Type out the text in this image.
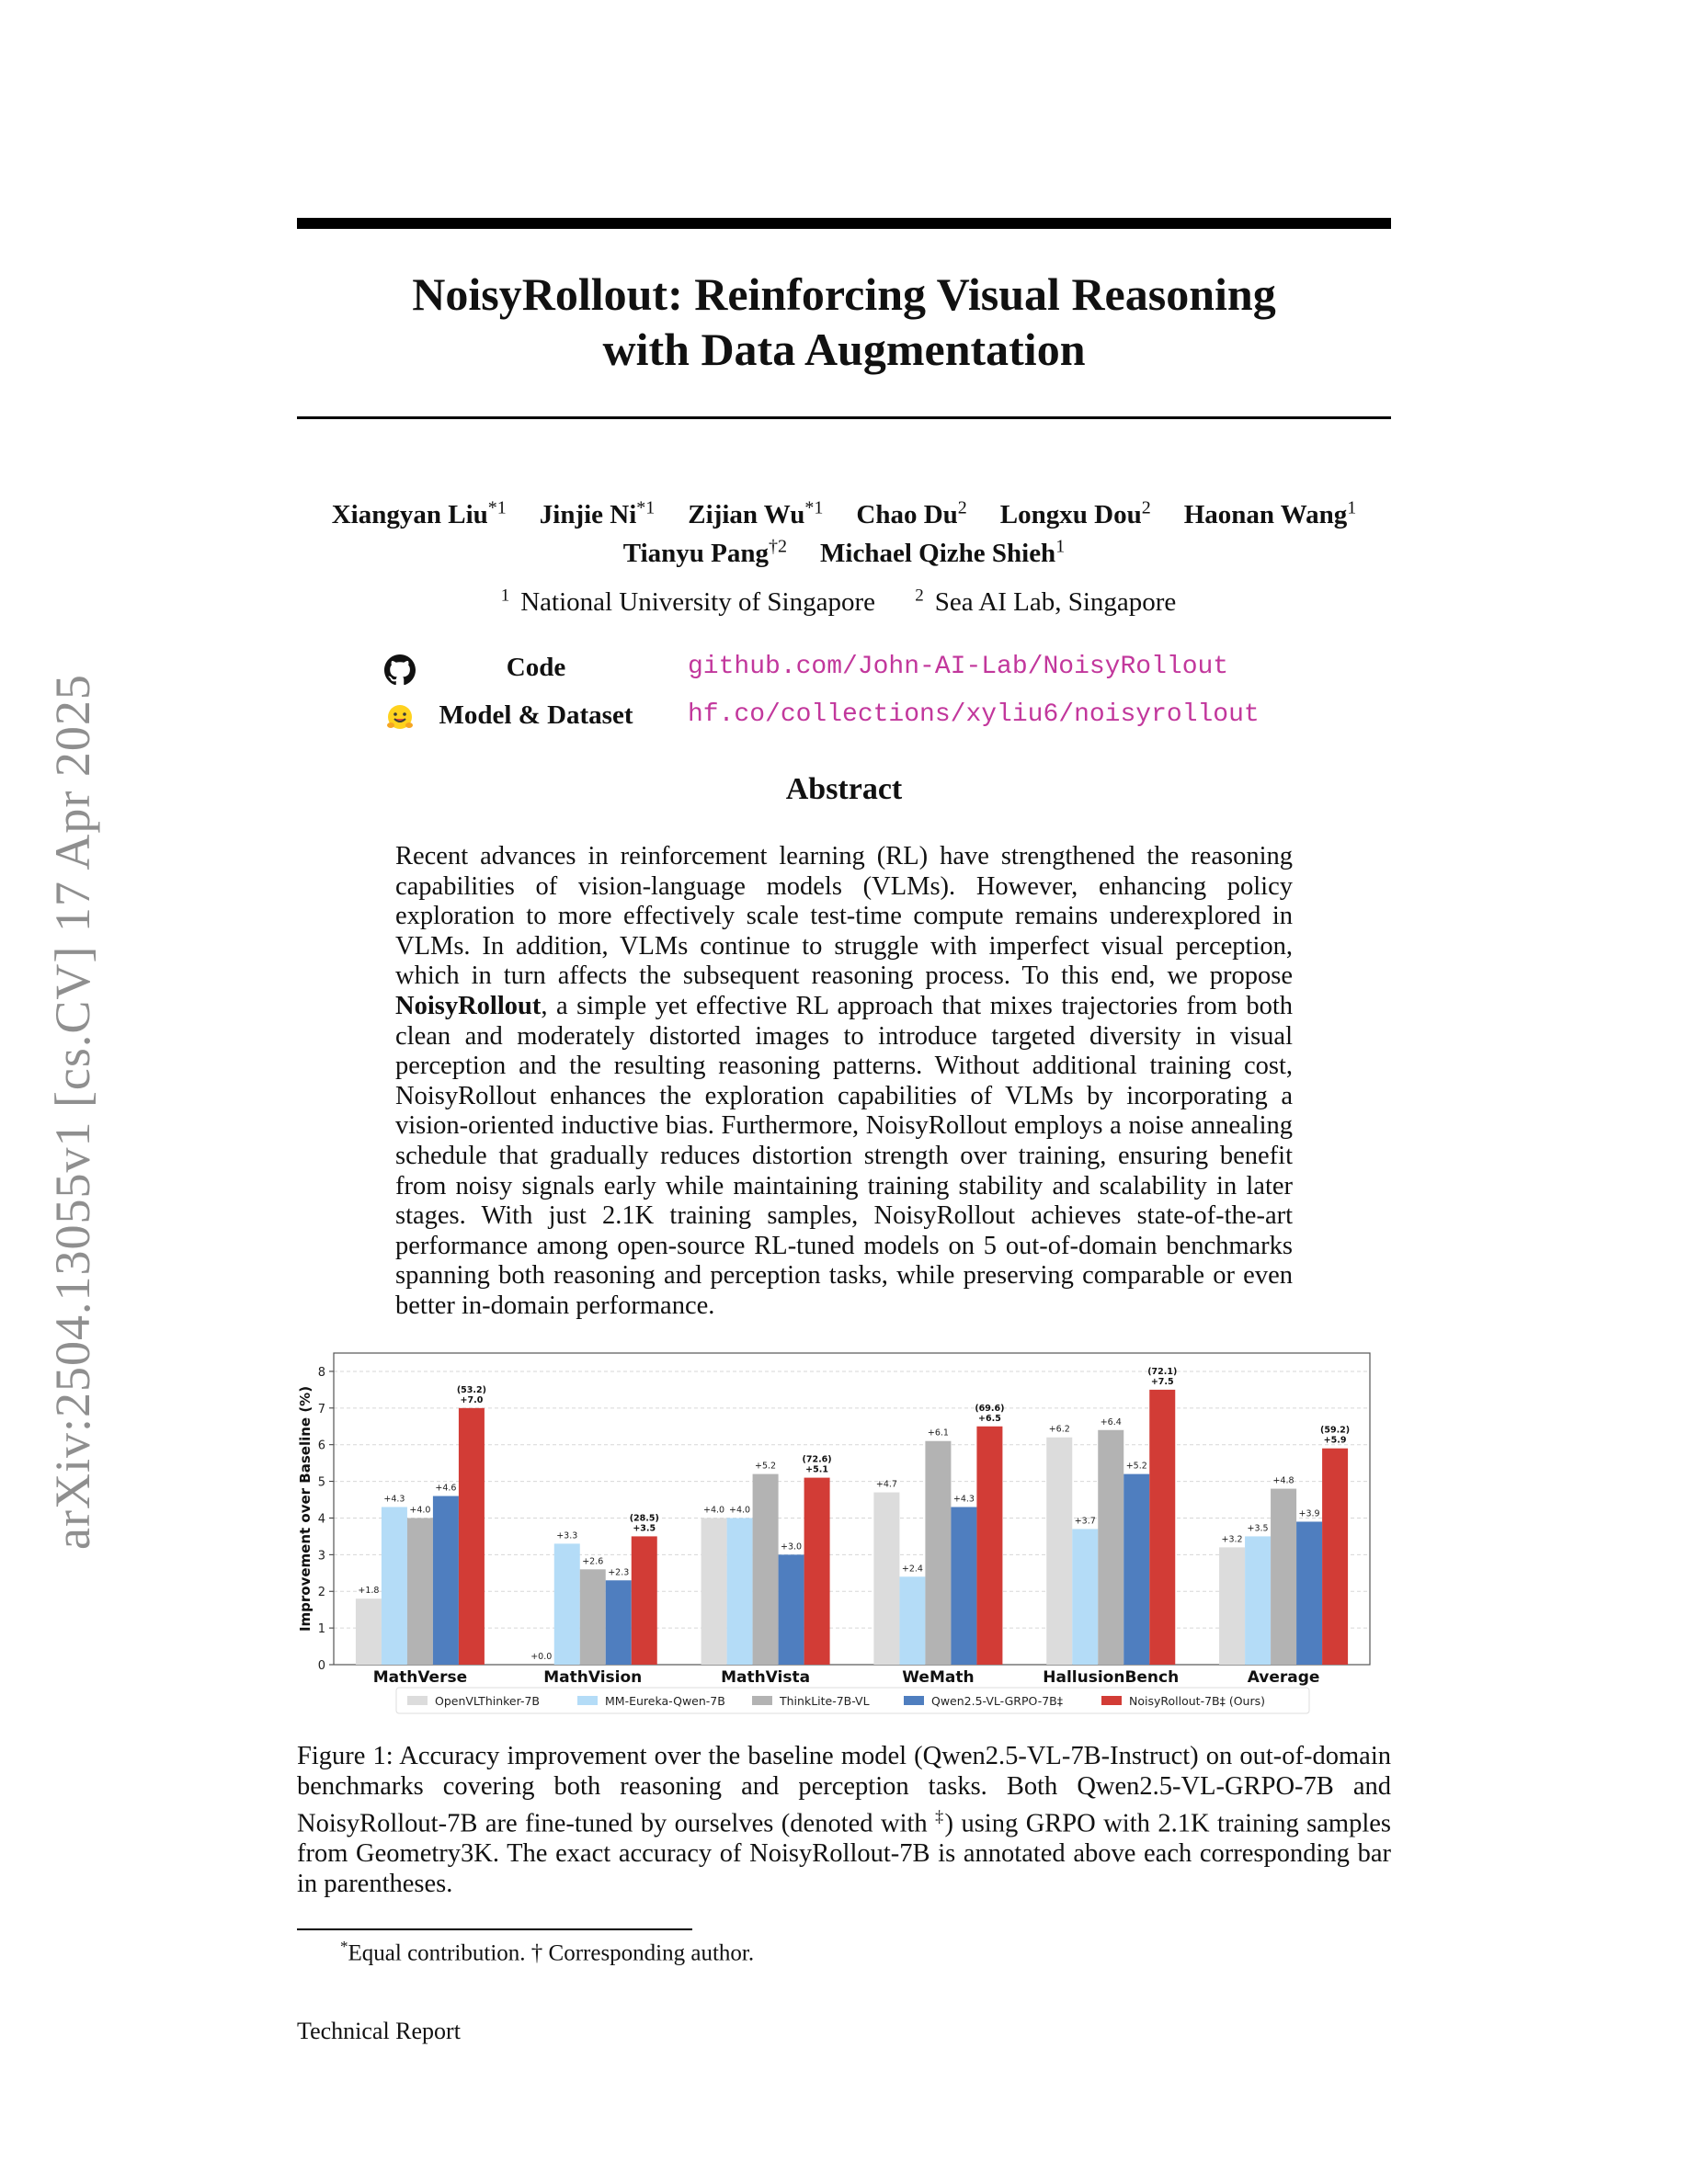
arXiv:2504.13055v1 [cs.CV] 17 Apr 2025
NoisyRollout: Reinforcing Visual Reasoning
with Data Augmentation
Xiangyan Liu$^{*1}$ Jinjie Ni$^{*1}$ Zijian Wu$^{*1}$ Chao Du$^2$ Longxu Dou$^2$ Haonan Wang$^1$
Tianyu Pang$^{\dagger 2}$ Michael Qizhe Shieh$^1$
$^1$ National University of Singapore $^2$ Sea AI Lab, Singapore
Code	github.com/John-AI-Lab/NoisyRollout
Model & Dataset	hf.co/collections/xyliu6/noisyrollout
Abstract
Recent advances in reinforcement learning (RL) have strengthened the reasoning capabilities of vision-language models (VLMs). However, enhancing policy exploration to more effectively scale test-time compute remains underexplored in VLMs. In addition, VLMs continue to struggle with imperfect visual perception, which in turn affects the subsequent reasoning process. To this end, we propose NoisyRollout, a simple yet effective RL approach that mixes trajectories from both clean and moderately distorted images to introduce targeted diversity in visual perception and the resulting reasoning patterns. Without additional training cost, NoisyRollout enhances the exploration capabilities of VLMs by incorporating a vision-oriented inductive bias. Furthermore, NoisyRollout employs a noise annealing schedule that gradually reduces distortion strength over training, ensuring benefit from noisy signals early while maintaining training stability and scalability in later stages. With just 2.1K training samples, NoisyRollout achieves state-of-the-art performance among open-source RL-tuned models on 5 out-of-domain benchmarks spanning both reasoning and perception tasks, while preserving comparable or even better in-domain performance.
0
1
2
3
4
5
6
7
8
Improvement over Baseline (%)	+1.8
+4.3
+4.0
+4.6
+7.0
(53.2)
MathVerse
+0.0
+3.3
+2.6
+2.3
+3.5
(28.5)
MathVision
+4.0 +4.0
+5.2
+3.0
+5.1
(72.6)
MathVista
+4.7
+2.4
+6.1
+4.3
+6.5
(69.6)
WeMath
+6.2
+3.7
+6.4
+5.2
+7.5
(72.1)
HallusionBench
+3.2
+3.5
+4.8
+3.9
+5.9
(59.2)
Average
OpenVLThinker-7B	MM-Eureka-Qwen-7B	ThinkLite-7B-VL	Qwen2.5-VL-GRPO-7B‡	NoisyRollout-7B‡ (Ours)
Figure 1: Accuracy improvement over the baseline model (Qwen2.5-VL-7B-Instruct) on out-of-domain benchmarks covering both reasoning and perception tasks. Both Qwen2.5-VL-GRPO-7B and NoisyRollout-7B are fine-tuned by ourselves (denoted with ‡) using GRPO with 2.1K training samples from Geometry3K. The exact accuracy of NoisyRollout-7B is annotated above each corresponding bar in parentheses.
*Equal contribution. † Corresponding author.
Technical Report
